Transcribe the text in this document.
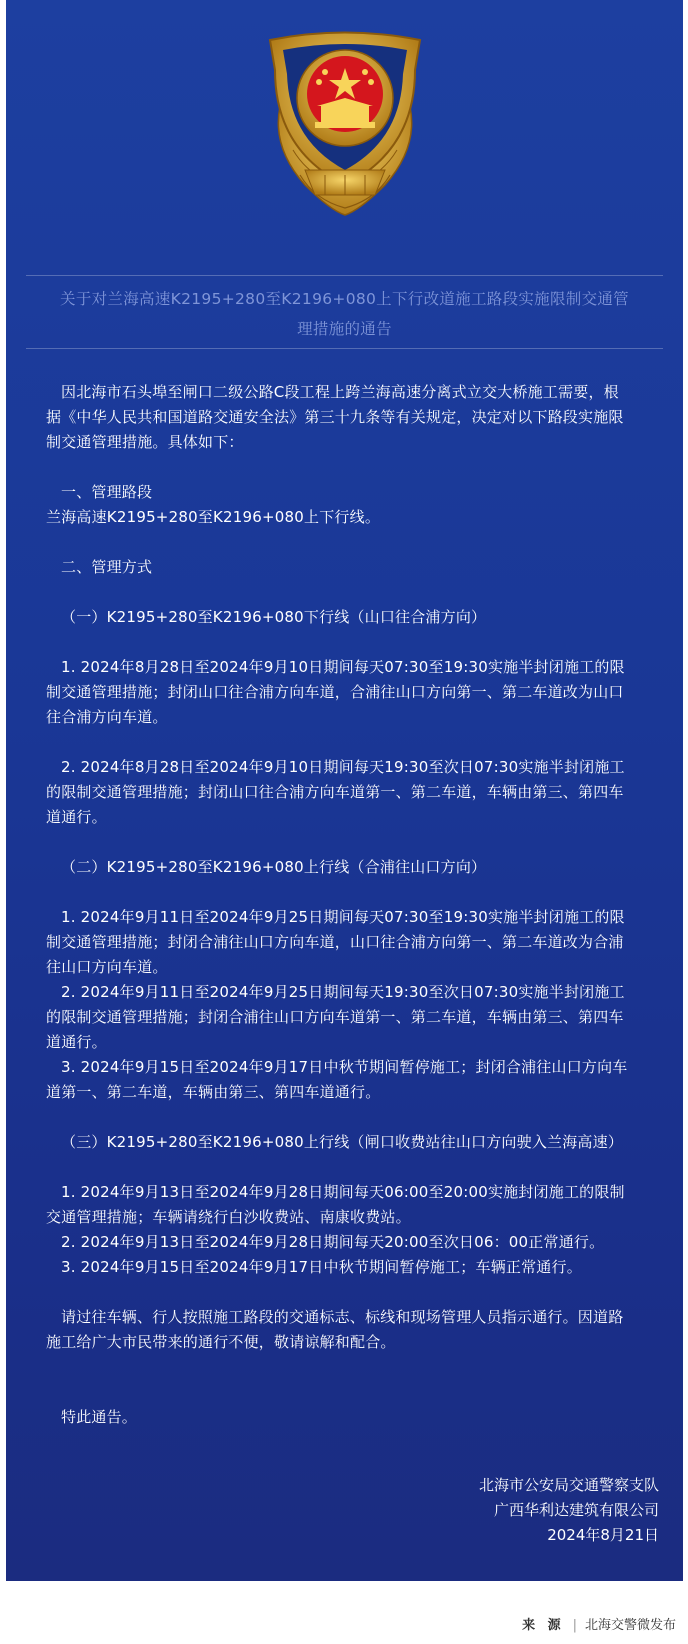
关于对兰海高速K2195+280至K2196+080上下行改道施工路段实施限制交通管
理措施的通告
因北海市石头埠至闸口二级公路C段工程上跨兰海高速分离式立交大桥施工需要，根
据《中华人民共和国道路交通安全法》第三十九条等有关规定，决定对以下路段实施限
制交通管理措施。具体如下：
一、管理路段
兰海高速K2195+280至K2196+080上下行线。
二、管理方式
（一）K2195+280至K2196+080下行线（山口往合浦方向）
1. 2024年8月28日至2024年9月10日期间每天07:30至19:30实施半封闭施工的限
制交通管理措施；封闭山口往合浦方向车道，合浦往山口方向第一、第二车道改为山口
往合浦方向车道。
2. 2024年8月28日至2024年9月10日期间每天19:30至次日07:30实施半封闭施工
的限制交通管理措施；封闭山口往合浦方向车道第一、第二车道，车辆由第三、第四车
道通行。
（二）K2195+280至K2196+080上行线（合浦往山口方向）
1. 2024年9月11日至2024年9月25日期间每天07:30至19:30实施半封闭施工的限
制交通管理措施；封闭合浦往山口方向车道，山口往合浦方向第一、第二车道改为合浦
往山口方向车道。
2. 2024年9月11日至2024年9月25日期间每天19:30至次日07:30实施半封闭施工
的限制交通管理措施；封闭合浦往山口方向车道第一、第二车道，车辆由第三、第四车
道通行。
3. 2024年9月15日至2024年9月17日中秋节期间暂停施工；封闭合浦往山口方向车
道第一、第二车道，车辆由第三、第四车道通行。
（三）K2195+280至K2196+080上行线（闸口收费站往山口方向驶入兰海高速）
1. 2024年9月13日至2024年9月28日期间每天06:00至20:00实施封闭施工的限制
交通管理措施；车辆请绕行白沙收费站、南康收费站。
2. 2024年9月13日至2024年9月28日期间每天20:00至次日06：00正常通行。
3. 2024年9月15日至2024年9月17日中秋节期间暂停施工；车辆正常通行。
请过往车辆、行人按照施工路段的交通标志、标线和现场管理人员指示通行。因道路
施工给广大市民带来的通行不便，敬请谅解和配合。
特此通告。
北海市公安局交通警察支队
广西华利达建筑有限公司
2024年8月21日
来 源 | 北海交警微发布
